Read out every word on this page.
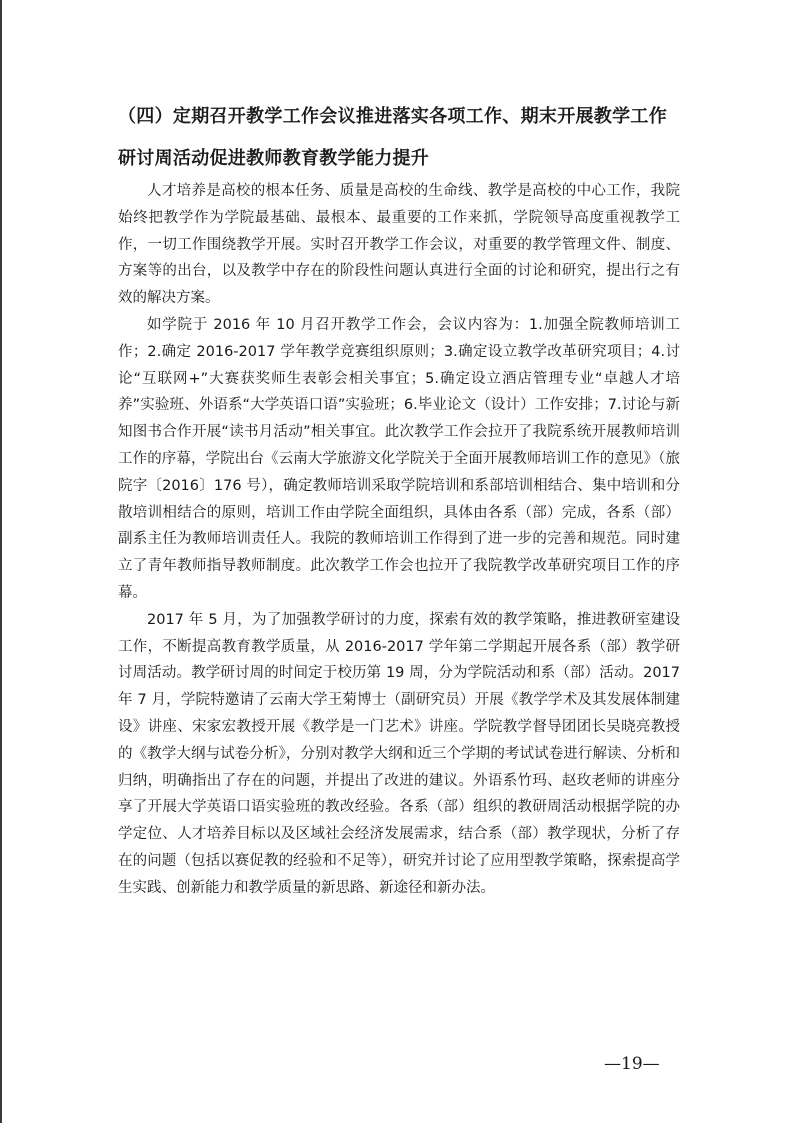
（四）定期召开教学工作会议推进落实各项工作、期末开展教学工作
研讨周活动促进教师教育教学能力提升

人才培养是高校的根本任务、质量是高校的生命线、教学是高校的中心工作，我院始终把教学作为学院最基础、最根本、最重要的工作来抓，学院领导高度重视教学工作，一切工作围绕教学开展。实时召开教学工作会议，对重要的教学管理文件、制度、方案等的出台，以及教学中存在的阶段性问题认真进行全面的讨论和研究，提出行之有效的解决方案。

如学院于 2016 年 10 月召开教学工作会，会议内容为：1.加强全院教师培训工作；2.确定 2016-2017 学年教学竞赛组织原则；3.确定设立教学改革研究项目；4.讨论“互联网+”大赛获奖师生表彰会相关事宜；5.确定设立酒店管理专业“卓越人才培养”实验班、外语系“大学英语口语”实验班；6.毕业论文（设计）工作安排；7.讨论与新知图书合作开展“读书月活动”相关事宜。此次教学工作会拉开了我院系统开展教师培训工作的序幕，学院出台《云南大学旅游文化学院关于全面开展教师培训工作的意见》（旅院字〔2016〕176 号），确定教师培训采取学院培训和系部培训相结合、集中培训和分散培训相结合的原则，培训工作由学院全面组织，具体由各系（部）完成，各系（部）副系主任为教师培训责任人。我院的教师培训工作得到了进一步的完善和规范。同时建立了青年教师指导教师制度。此次教学工作会也拉开了我院教学改革研究项目工作的序幕。

2017 年 5 月，为了加强教学研讨的力度，探索有效的教学策略，推进教研室建设工作，不断提高教育教学质量，从 2016-2017 学年第二学期起开展各系（部）教学研讨周活动。教学研讨周的时间定于校历第 19 周，分为学院活动和系（部）活动。2017 年 7 月，学院特邀请了云南大学王菊博士（副研究员）开展《教学学术及其发展体制建设》讲座、宋家宏教授开展《教学是一门艺术》讲座。学院教学督导团团长吴晓亮教授的《教学大纲与试卷分析》，分别对教学大纲和近三个学期的考试试卷进行解读、分析和归纳，明确指出了存在的问题，并提出了改进的建议。外语系竹玛、赵玫老师的讲座分享了开展大学英语口语实验班的教改经验。各系（部）组织的教研周活动根据学院的办学定位、人才培养目标以及区域社会经济发展需求，结合系（部）教学现状，分析了存在的问题（包括以赛促教的经验和不足等），研究并讨论了应用型教学策略，探索提高学生实践、创新能力和教学质量的新思路、新途径和新办法。

—19—
